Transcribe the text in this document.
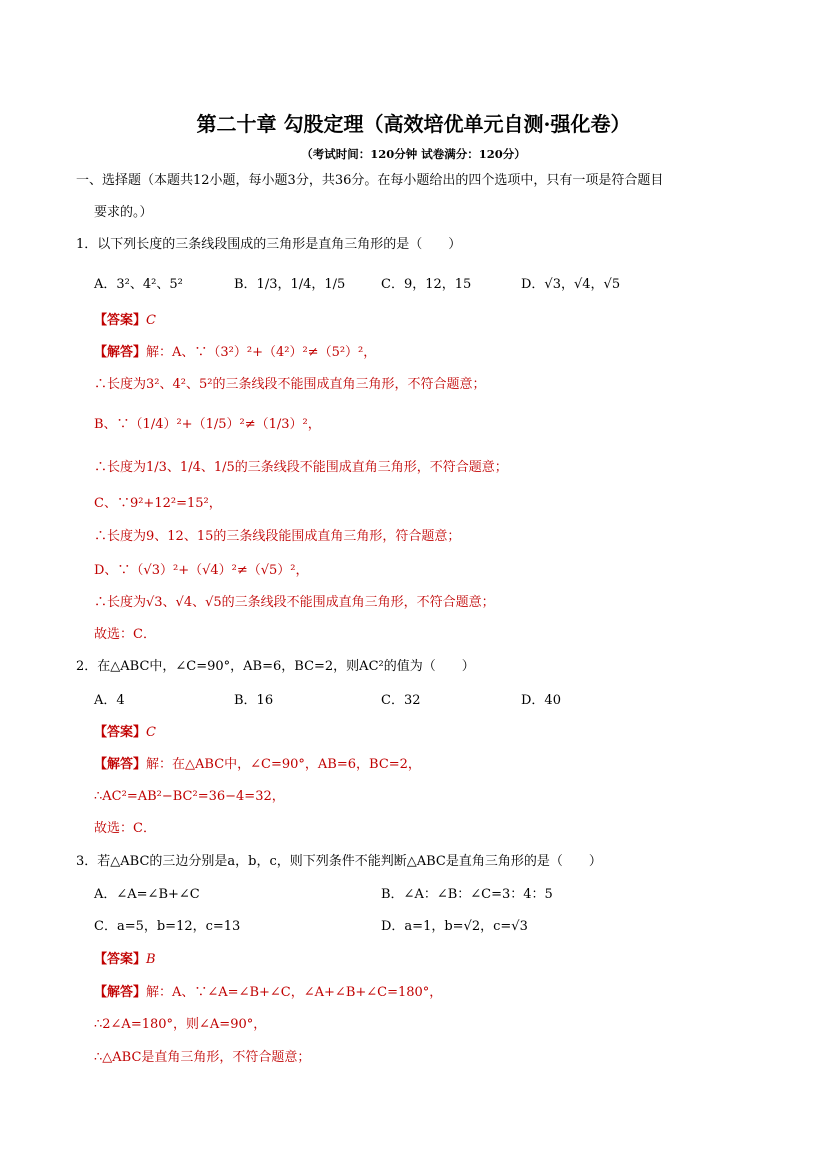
第二十章 勾股定理（高效培优单元自测·强化卷）
（考试时间：120分钟 试卷满分：120分）
一、选择题（本题共12小题，每小题3分，共36分。在每小题给出的四个选项中，只有一项是符合题目
要求的。）
1．以下列长度的三条线段围成的三角形是直角三角形的是（　　）
A．3²、4²、5²	B．1/3，1/4，1/5	C．9，12，15	D．√3，√4，√5
【答案】C
【解答】解：A、∵（3²）²+（4²）²≠（5²）²，
∴长度为3²、4²、5²的三条线段不能围成直角三角形，不符合题意；
B、∵（1/4）²+（1/5）²≠（1/3）²，
∴长度为1/3、1/4、1/5的三条线段不能围成直角三角形，不符合题意；
C、∵9²+12²=15²，
∴长度为9、12、15的三条线段能围成直角三角形，符合题意；
D、∵（√3）²+（√4）²≠（√5）²，
∴长度为√3、√4、√5的三条线段不能围成直角三角形，不符合题意；
故选：C．
2．在△ABC中，∠C=90°，AB=6，BC=2，则AC²的值为（　　）
A．4	B．16	C．32	D．40
【答案】C
【解答】解：在△ABC中，∠C=90°，AB=6，BC=2，
∴AC²=AB²−BC²=36−4=32，
故选：C．
3．若△ABC的三边分别是a，b，c，则下列条件不能判断△ABC是直角三角形的是（　　）
A．∠A=∠B+∠C	B．∠A：∠B：∠C=3：4：5
C．a=5，b=12，c=13	D．a=1，b=√2，c=√3
【答案】B
【解答】解：A、∵∠A=∠B+∠C，∠A+∠B+∠C=180°，
∴2∠A=180°，则∠A=90°，
∴△ABC是直角三角形，不符合题意；
